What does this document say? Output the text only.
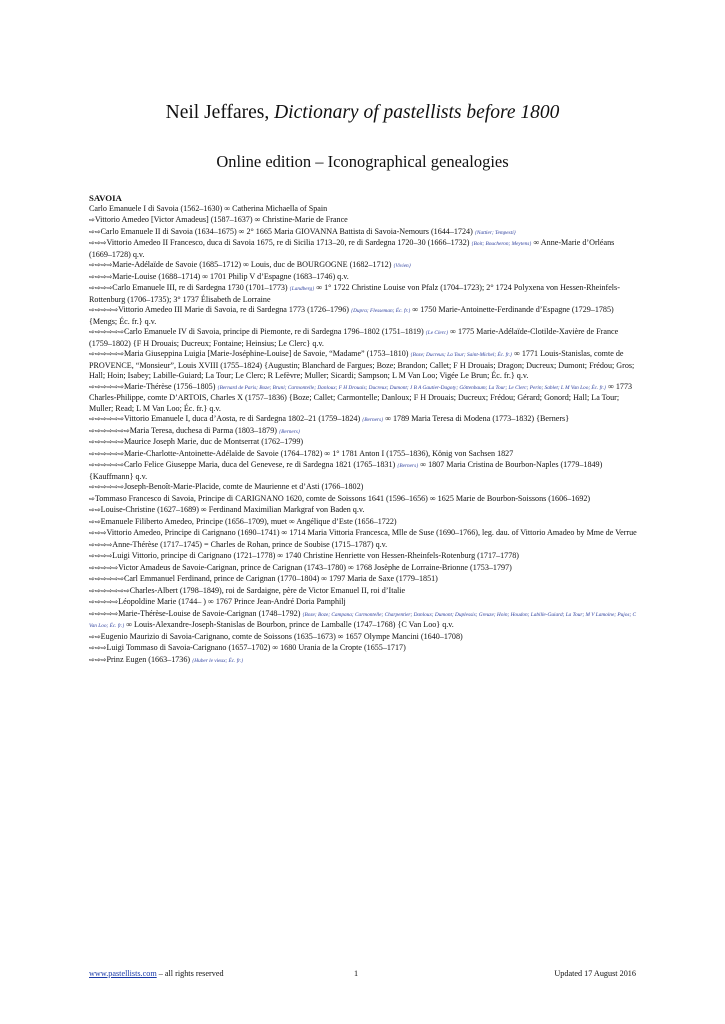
Neil Jeffares, Dictionary of pastellists before 1800
Online edition – Iconographical genealogies
SAVOIA
Carlo Emanuele I di Savoia (1562–1630) ∞ Catherina Michaella of Spain
⇨Vittorio Amedeo [Victor Amadeus] (1587–1637) ∞ Christine-Marie de France
⇨⇨Carlo Emanuele II di Savoia (1634–1675) ∞ 2° 1665 Maria GIOVANNA Battista di Savoia-Nemours (1644–1724) {Nattier; Tempesti}
⇨⇨⇨Vittorio Amedeo II Francesco, duca di Savoia 1675, re di Sicilia 1713–20, re di Sardegna 1720–30 (1666–1732) {Boit; Boucheron; Meytens} ∞ Anne-Marie d’Orléans (1669–1728) q.v.
⇨⇨⇨⇨Marie-Adélaïde de Savoie (1685–1712) ∞ Louis, duc de BOURGOGNE (1682–1712) {Vivien}
⇨⇨⇨⇨Marie-Louise (1688–1714) ∞ 1701 Philip V d’Espagne (1683–1746) q.v.
⇨⇨⇨⇨Carlo Emanuele III, re di Sardegna 1730 (1701–1773) {Landberg} ∞ 1° 1722 Christine Louise von Pfalz (1704–1723); 2° 1724 Polyxena von Hessen-Rheinfels-Rottenburg (1706–1735); 3° 1737 Élisabeth de Lorraine
⇨⇨⇨⇨⇨Vittorio Amedeo III Marie di Savoia, re di Sardegna 1773 (1726–1796) {Dupra; Flesseman; Éc. fr.} ∞ 1750 Marie-Antoinette-Ferdinande d’Espagne (1729–1785) {Mengs; Éc. fr.} q.v.
⇨⇨⇨⇨⇨⇨Carlo Emanuele IV di Savoia, principe di Piemonte, re di Sardegna 1796–1802 (1751–1819) {Le Clerc} ∞ 1775 Marie-Adélaïde-Clotilde-Xavière de France (1759–1802) {F H Drouais; Ducreux; Fontaine; Heinsius; Le Clerc} q.v.
⇨⇨⇨⇨⇨⇨Maria Giuseppina Luigia [Marie-Joséphine-Louise] de Savoie, “Madame” (1753–1810) {Boze; Ducreux; La Tour; Saint-Michel; Éc. fr.} ∞ 1771 Louis-Stanislas, comte de PROVENCE, “Monsieur”, Louis XVIII (1755–1824) {Augustin; Blanchard de Fargues; Boze; Brandon; Callet; F H Drouais; Dragon; Ducreux; Dumont; Frédou; Gros; Hall; Hoin; Isabey; Labille-Guiard; La Tour; Le Clerc; R Lefèvre; Muller; Sicardi; Sampson; L M Van Loo; Vigée Le Brun; Éc. fr.} q.v.
⇨⇨⇨⇨⇨⇨Marie-Thérèse (1756–1805) {Bernard de Paris; Boze; Bruni; Carmontelle; Danloux; F H Drouais; Ducreux; Dumont; J B A Gautier-Dagoty; Göttenbaum; La Tour; Le Clerc; Perin; Sablet; L M Van Loo; Éc. fr.} ∞ 1773 Charles-Philippe, comte D’ARTOIS, Charles X (1757–1836) {Boze; Callet; Carmontelle; Danloux; F H Drouais; Ducreux; Frédou; Gérard; Gonord; Hall; La Tour; Muller; Read; L M Van Loo; Éc. fr.} q.v.
⇨⇨⇨⇨⇨⇨Vittorio Emanuele I, duca d’Aosta, re di Sardegna 1802–21 (1759–1824) {Berners} ∞ 1789 Maria Teresa di Modena (1773–1832) {Berners}
⇨⇨⇨⇨⇨⇨⇨Maria Teresa, duchesa di Parma (1803–1879) {Berners}
⇨⇨⇨⇨⇨⇨Maurice Joseph Marie, duc de Montserrat (1762–1799)
⇨⇨⇨⇨⇨⇨Marie-Charlotte-Antoinette-Adélaïde de Savoie (1764–1782) ∞ 1° 1781 Anton I (1755–1836), König von Sachsen 1827
⇨⇨⇨⇨⇨⇨Carlo Felice Giuseppe Maria, duca del Genevese, re di Sardegna 1821 (1765–1831) {Berners} ∞ 1807 Maria Cristina de Bourbon-Naples (1779–1849) {Kauffmann} q.v.
⇨⇨⇨⇨⇨⇨Joseph-Benoît-Marie-Placide, comte de Maurienne et d’Asti (1766–1802)
⇨Tommaso Francesco di Savoia, Principe di CARIGNANO 1620, comte de Soissons 1641 (1596–1656) ∞ 1625 Marie de Bourbon-Soissons (1606–1692)
⇨⇨Louise-Christine (1627–1689) ∞ Ferdinand Maximilian Markgraf von Baden q.v.
⇨⇨Emanuele Filiberto Amedeo, Principe (1656–1709), muet ∞ Angélique d’Este (1656–1722)
⇨⇨⇨Vittorio Amedeo, Principe di Carignano (1690–1741) ∞ 1714 Maria Vittoria Francesca, Mlle de Suse (1690–1766), leg. dau. of Vittorio Amadeo by Mme de Verrue
⇨⇨⇨⇨Anne-Thérèse (1717–1745) = Charles de Rohan, prince de Soubise (1715–1787) q.v.
⇨⇨⇨⇨Luigi Vittorio, principe di Carignano (1721–1778) ∞ 1740 Christine Henriette von Hessen-Rheinfels-Rotenburg (1717–1778)
⇨⇨⇨⇨⇨Victor Amadeus de Savoie-Carignan, prince de Carignan (1743–1780) ∞ 1768 Josèphe de Lorraine-Brionne (1753–1797)
⇨⇨⇨⇨⇨⇨Carl Emmanuel Ferdinand, prince de Carignan (1770–1804) ∞ 1797 Maria de Saxe (1779–1851)
⇨⇨⇨⇨⇨⇨⇨Charles-Albert (1798–1849), roi de Sardaigne, père de Victor Emanuel II, roi d’Italie
⇨⇨⇨⇨⇨Léopoldine Marie (1744– ) ∞ 1767 Prince Jean-André Doria Pamphilj
⇨⇨⇨⇨⇨Marie-Thérèse-Louise de Savoie-Carignan (1748–1792) {Boze; Boze; Campana; Carmontelle; Charpentier; Danloux; Dumont; Duplessis; Greuze; Hoin; Houdon; Labille-Guiard; La Tour; M V Lamoine; Pujos; C Van Loo; Éc. fr.} ∞ Louis-Alexandre-Joseph-Stanislas de Bourbon, prince de Lamballe (1747–1768) {C Van Loo} q.v.
⇨⇨Eugenio Maurizio di Savoia-Carignano, comte de Soissons (1635–1673) ∞ 1657 Olympe Mancini (1640–1708)
⇨⇨⇨Luigi Tommaso di Savoia-Carignano (1657–1702) ∞ 1680 Urania de la Cropte (1655–1717)
⇨⇨⇨Prinz Eugen (1663–1736) {Huber le vieux; Éc. fr.}
www.pastellists.com – all rights reserved	1	Updated 17 August 2016
